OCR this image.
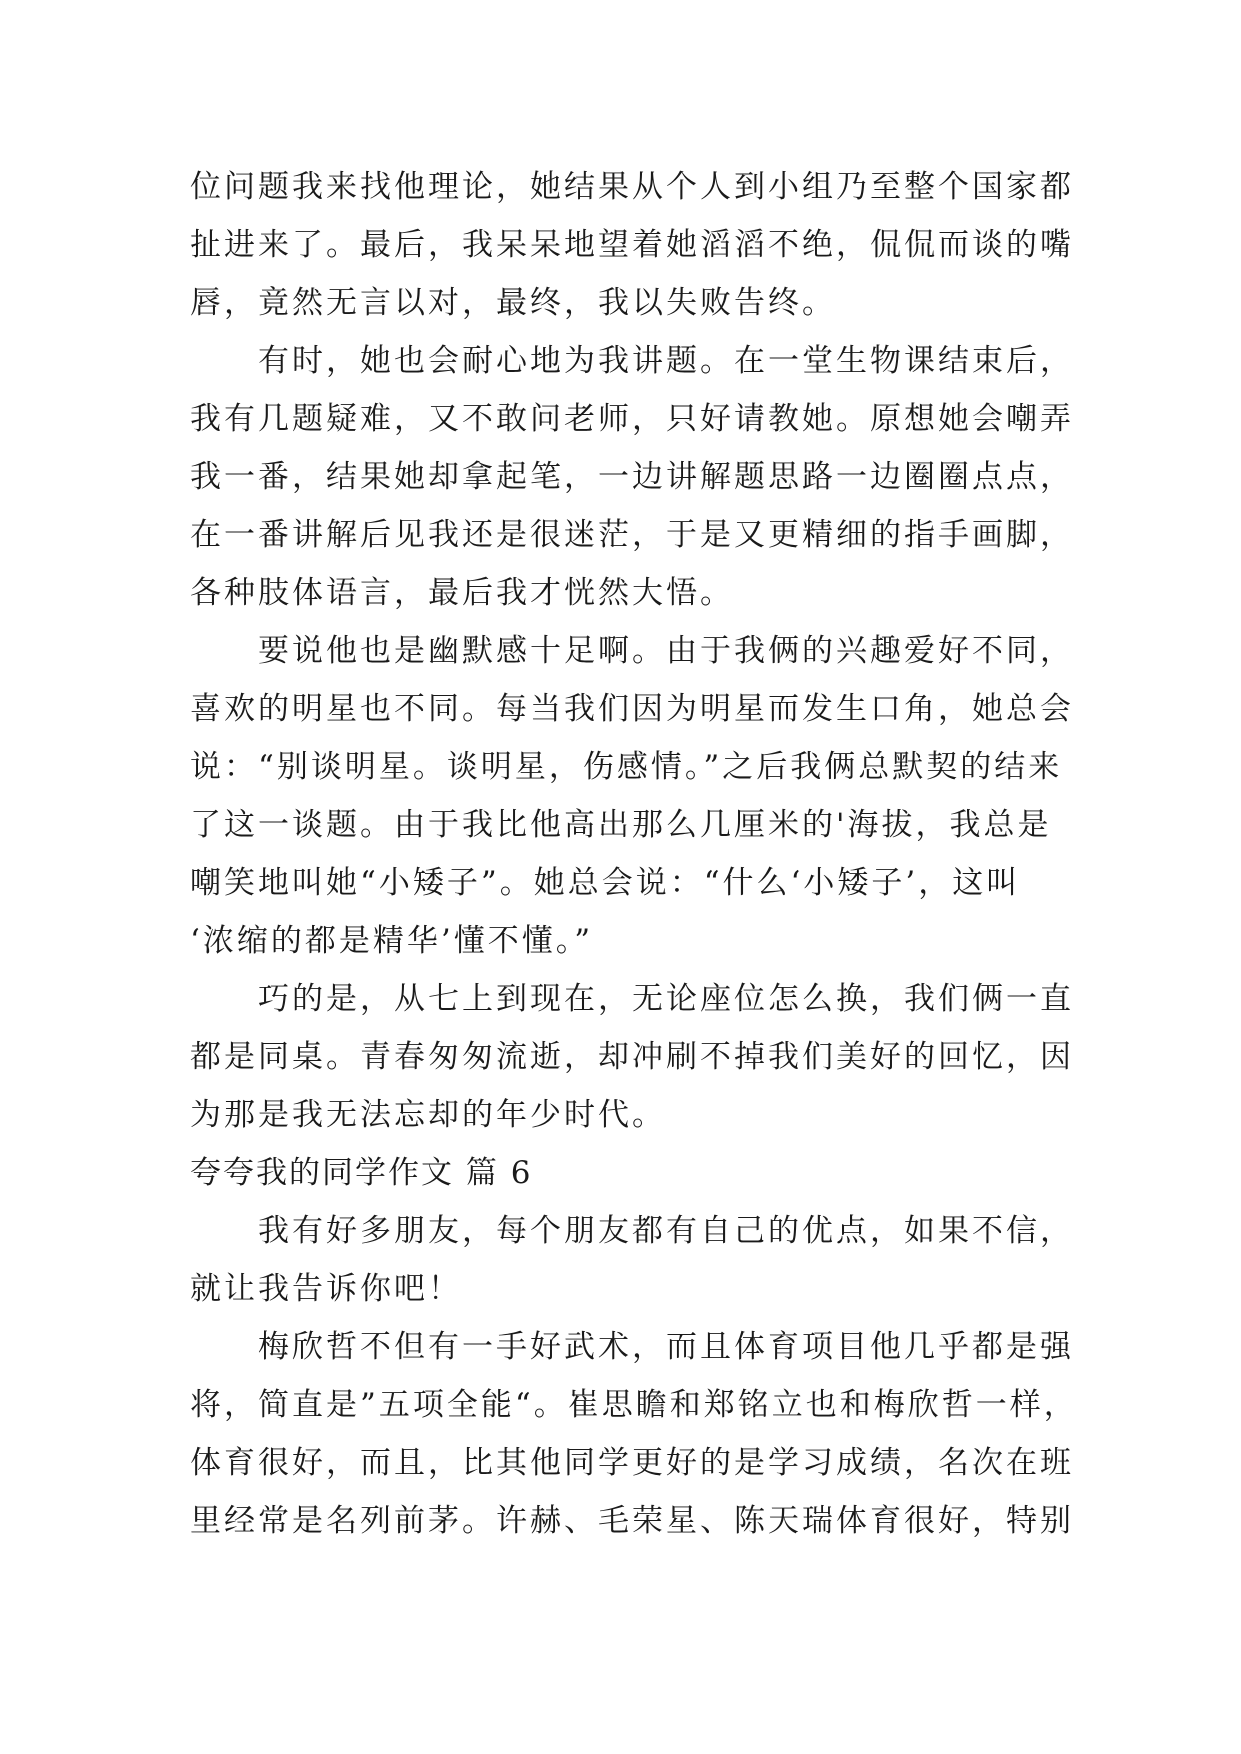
位问题我来找他理论，她结果从个人到小组乃至整个国家都
扯进来了。最后，我呆呆地望着她滔滔不绝，侃侃而谈的嘴
唇，竟然无言以对，最终，我以失败告终。
　　有时，她也会耐心地为我讲题。在一堂生物课结束后，
我有几题疑难，又不敢问老师，只好请教她。原想她会嘲弄
我一番，结果她却拿起笔，一边讲解题思路一边圈圈点点，
在一番讲解后见我还是很迷茫，于是又更精细的指手画脚，
各种肢体语言，最后我才恍然大悟。
　　要说他也是幽默感十足啊。由于我俩的兴趣爱好不同，
喜欢的明星也不同。每当我们因为明星而发生口角，她总会
说：“别谈明星。谈明星，伤感情。”之后我俩总默契的结来
了这一谈题。由于我比他高出那么几厘米的'海拔，我总是
嘲笑地叫她“小矮子”。她总会说：“什么‘小矮子’，这叫
‘浓缩的都是精华’懂不懂。”
　　巧的是，从七上到现在，无论座位怎么换，我们俩一直
都是同桌。青春匆匆流逝，却冲刷不掉我们美好的回忆，因
为那是我无法忘却的年少时代。
夸夸我的同学作文 篇 6
　　我有好多朋友，每个朋友都有自己的优点，如果不信，
就让我告诉你吧！
　　梅欣哲不但有一手好武术，而且体育项目他几乎都是强
将，简直是”五项全能“。崔思瞻和郑铭立也和梅欣哲一样，
体育很好，而且，比其他同学更好的是学习成绩，名次在班
里经常是名列前茅。许赫、毛荣星、陈天瑞体育很好，特别
